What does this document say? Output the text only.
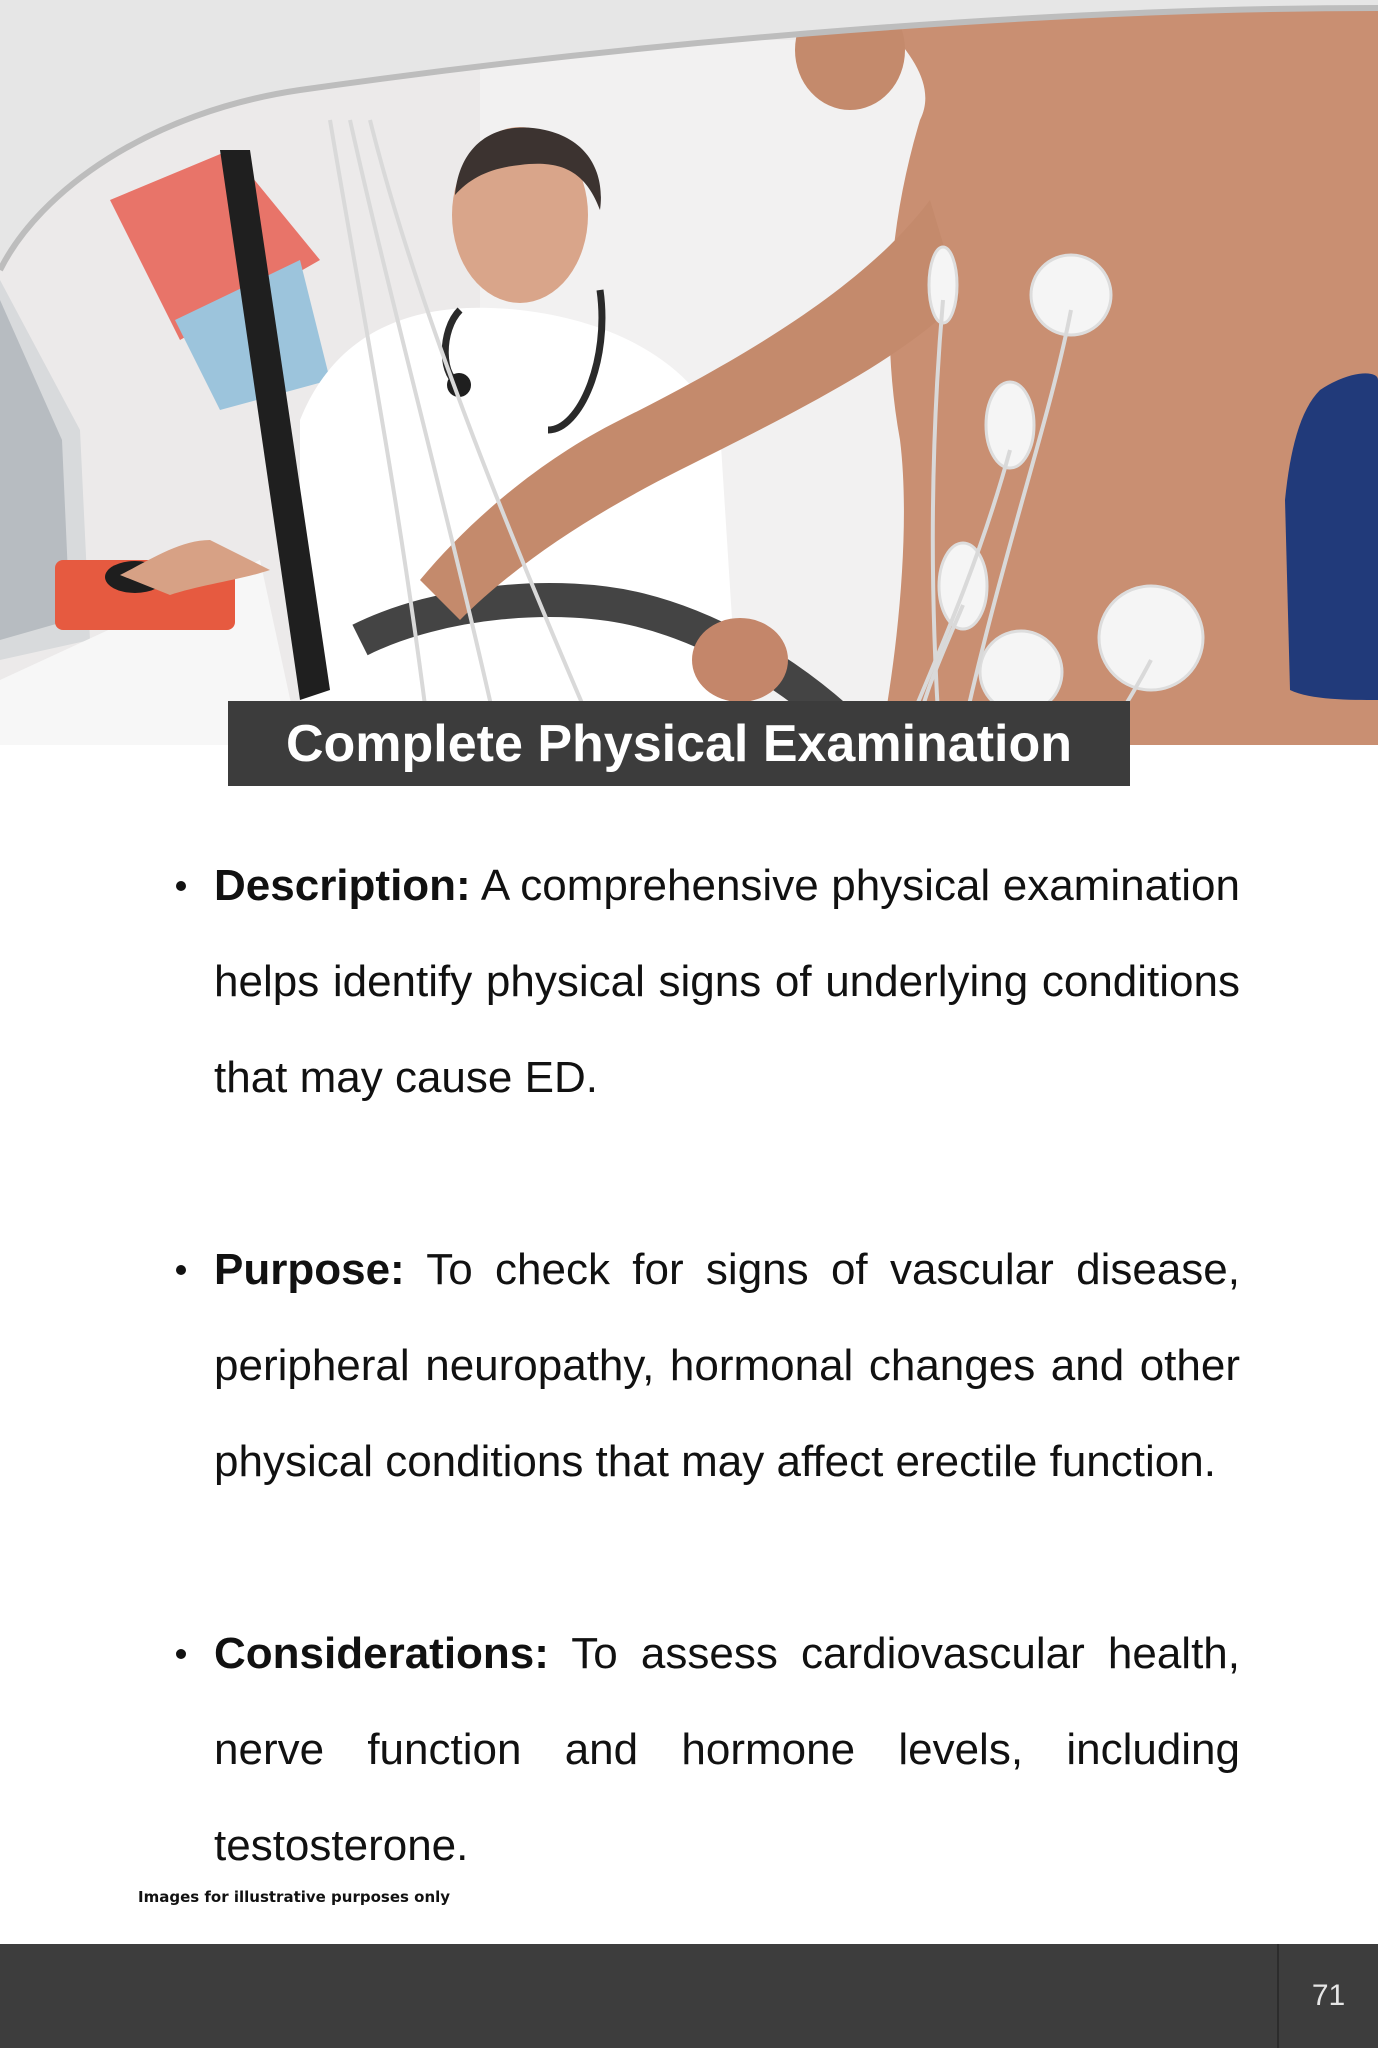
Complete Physical Examination
Description: A comprehensive physical examination helps identify physical signs of underlying conditions that may cause ED.
Purpose: To check for signs of vascular disease, peripheral neuropathy, hormonal changes and other physical conditions that may affect erectile function.
Considerations: To assess cardiovascular health, nerve function and hormone levels, including testosterone.
Images for illustrative purposes only
71
